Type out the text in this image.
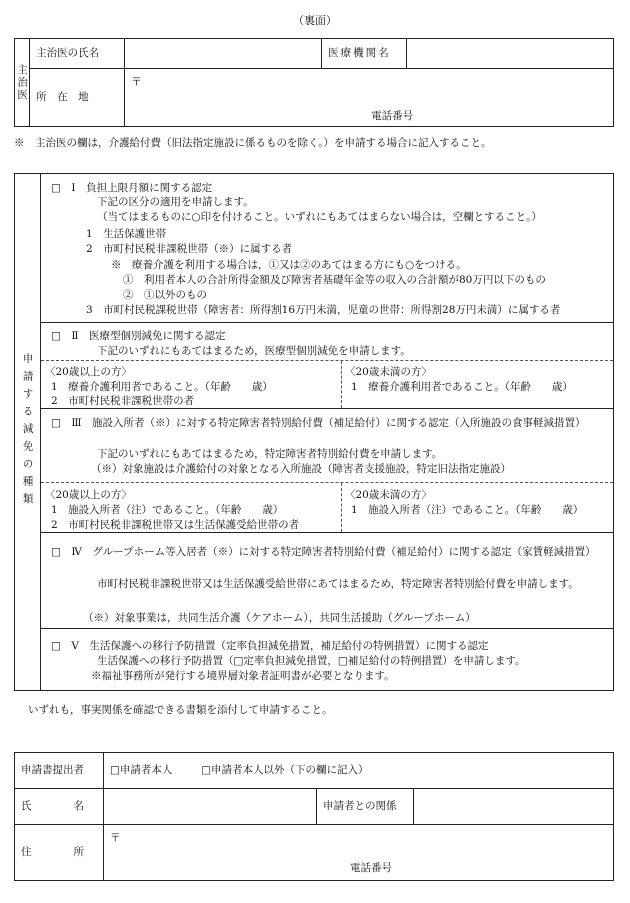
（裏面）
主治医	主治医の氏名		医療機関名	
	所　在　地	〒
電話番号		
※　主治医の欄は，介護給付費（旧法指定施設に係るものを除く。）を申請する場合に記入すること。
申請する減免の種類
□　Ⅰ　負担上限月額に関する認定
下記の区分の適用を申請します。
（当てはまるものに○印を付けること。いずれにもあてはまらない場合は，空欄とすること。）
1　生活保護世帯
2　市町村民税非課税世帯（※）に属する者
※　療養介護を利用する場合は，①又は②のあてはまる方にも○をつける。
①　利用者本人の合計所得金額及び障害者基礎年金等の収入の合計額が80万円以下のもの
②　①以外のもの
3　市町村民税課税世帯（障害者：所得割16万円未満，児童の世帯：所得割28万円未満）に属する者
□　Ⅱ　医療型個別減免に関する認定
下記のいずれにもあてはまるため，医療型個別減免を申請します。
〈20歳以上の方〉
1　療養介護利用者であること。（年齢　　歳）
2　市町村民税非課税世帯の者
〈20歳未満の方〉
1　療養介護利用者であること。（年齢　　歳）
□　Ⅲ　施設入所者（※）に対する特定障害者特別給付費（補足給付）に関する認定（入所施設の食事軽減措置）
下記のいずれにもあてはまるため，特定障害者特別給付費を申請します。
（※）対象施設は介護給付の対象となる入所施設（障害者支援施設，特定旧法指定施設）
〈20歳以上の方〉
1　施設入所者（注）であること。（年齢　　歳）
2　市町村民税非課税世帯又は生活保護受給世帯の者
〈20歳未満の方〉
1　施設入所者（注）であること。（年齢　　歳）
□　Ⅳ　グループホーム等入居者（※）に対する特定障害者特別給付費（補足給付）に関する認定（家賃軽減措置）
市町村民税非課税世帯又は生活保護受給世帯にあてはまるため，特定障害者特別給付費を申請します。
（※）対象事業は，共同生活介護（ケアホーム），共同生活援助（グループホーム）
□　Ⅴ　生活保護への移行予防措置（定率負担減免措置，補足給付の特例措置）に関する認定
生活保護への移行予防措置（□定率負担減免措置，□補足給付の特例措置）を申請します。
※福祉事務所が発行する境界層対象者証明書が必要となります。
いずれも，事実関係を確認できる書類を添付して申請すること。
申請書提出者	□申請者本人 □申請者本人以外（下の欄に記入）		
氏　　　　名		申請者との関係	
住　　　　所	〒
電話番号		
